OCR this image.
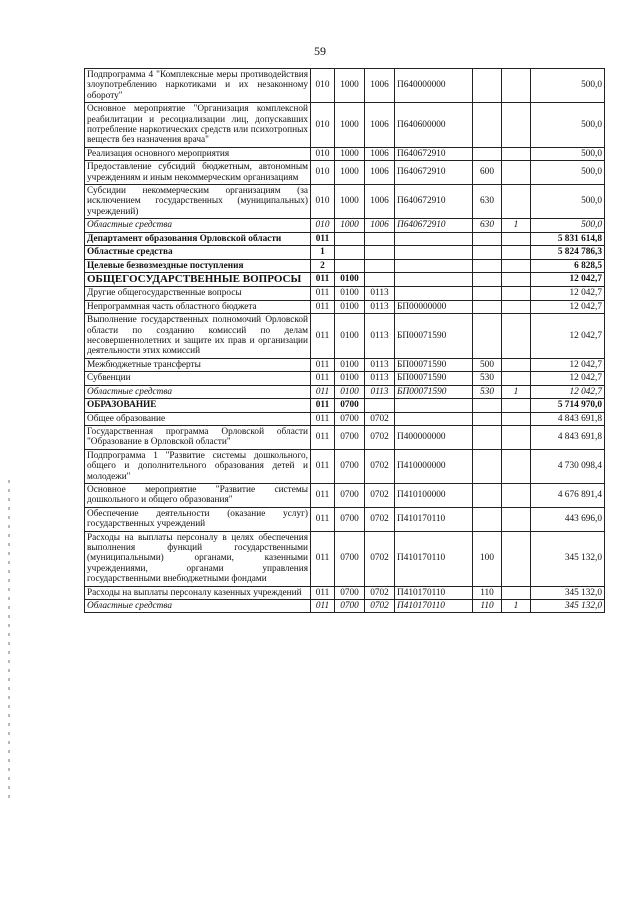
59
Подпрограмма 4 "Комплексные меры противодействия злоупотреблению наркотиками и их незаконному обороту"	010	1000	1006	П640000000			500,0
Основное мероприятие "Организация комплексной реабилитации и ресоциализации лиц, допускавших потребление наркотических средств или психотропных веществ без назначения врача"	010	1000	1006	П640600000			500,0
Реализация основного мероприятия	010	1000	1006	П640672910			500,0
Предоставление субсидий бюджетным, автономным учреждениям и иным некоммерческим организациям	010	1000	1006	П640672910	600		500,0
Субсидии некоммерческим организациям (за исключением государственных (муниципальных) учреждений)	010	1000	1006	П640672910	630		500,0
Областные средства	010	1000	1006	П640672910	630	1	500,0
Департамент образования Орловской области	011						5 831 614,8
Областные средства	1						5 824 786,3
Целевые безвозмездные поступления	2						6 828,5
ОБЩЕГОСУДАРСТВЕННЫЕ ВОПРОСЫ	011	0100					12 042,7
Другие общегосударственные вопросы	011	0100	0113				12 042,7
Непрограммная часть областного бюджета	011	0100	0113	БП00000000			12 042,7
Выполнение государственных полномочий Орловской области по созданию комиссий по делам несовершеннолетних и защите их прав и организации деятельности этих комиссий	011	0100	0113	БП00071590			12 042,7
Межбюджетные трансферты	011	0100	0113	БП00071590	500		12 042,7
Субвенции	011	0100	0113	БП00071590	530		12 042,7
Областные средства	011	0100	0113	БП00071590	530	1	12 042,7
ОБРАЗОВАНИЕ	011	0700					5 714 970,0
Общее образование	011	0700	0702				4 843 691,8
Государственная программа Орловской области "Образование в Орловской области"	011	0700	0702	П400000000			4 843 691,8
Подпрограмма 1 "Развитие системы дошкольного, общего и дополнительного образования детей и молодежи"	011	0700	0702	П410000000			4 730 098,4
Основное мероприятие "Развитие системы дошкольного и общего образования"	011	0700	0702	П410100000			4 676 891,4
Обеспечение деятельности (оказание услуг) государственных учреждений	011	0700	0702	П410170110			443 696,0
Расходы на выплаты персоналу в целях обеспечения выполнения функций государственными (муниципальными) органами, казенными учреждениями, органами управления государственными внебюджетными фондами	011	0700	0702	П410170110	100		345 132,0
Расходы на выплаты персоналу казенных учреждений	011	0700	0702	П410170110	110		345 132,0
Областные средства	011	0700	0702	П410170110	110	1	345 132,0
